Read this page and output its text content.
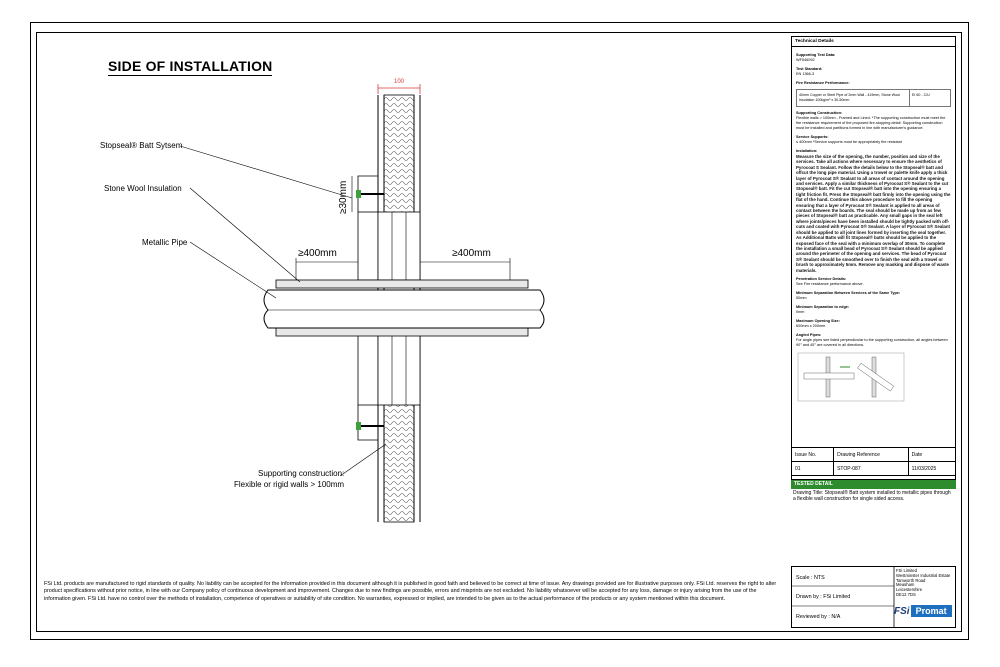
SIDE OF INSTALLATION
Stopseal® Batt Sytsem
Stone Wool Insulation
Metallic Pipe
Supporting construction:
Flexible or rigid walls > 100mm
100
≥30mm
≥400mm	≥400mm
FSi Ltd. products are manufactured to rigid standards of quality. No liability can be accepted for the information provided in this document although it is published in good faith and believed to be correct at time of issue. Any drawings provided are for illustrative purposes only. FSi Ltd. reserves the right to alter product specifications without prior notice, in line with our Company policy of continuous development and improvement. Changes due to new findings are possible, errors and misprints are not excluded. No liability whatsoever will be accepted for any loss, damage or injury arising from the use of the information given. FSi Ltd. have no control over the methods of installation, competence of operatives or suitability of site condition. No warranties, expressed or implied, are intended to be given as to the actual performance of the products or any system mentioned within this document.
Technical Details
Supporting Test Data:
WF546092
Test Standard:
EN 1366-3
Fire Resistance Performance:
40mm Copper or Steel Pipe of 2mm Wall - 419mm, Stone Wool Insulation 100kg/m³ x 30-50mm
EI 60 - C/U
Supporting Construction:
Flexible walls > 100mm - Framed and Lined. *The supporting construction must meet the fire resistance requirement of the proposed fire-stopping detail. Supporting construction must be installed and partitions formed in line with manufacturer's guidance.
Service Supports:
≤ 400mm *Service supports must be appropriately fire resistant
Installation:
Measure the size of the opening, the number, position and size of the services. Take all actions where necessary to ensure the aesthetics of Pyrocoat S Sealant. Follow the details below to the Stopseal® batt and offcut the long pipe material. Using a trowel or palette knife apply a thick layer of Pyrocoat S® Sealant to all areas of contact around the opening and services. Apply a similar thickness of Pyrocoat S® Sealant to the cut Stopseal® batt. Fit the cut Stopseal® batt into the opening ensuring a tight friction fit. Press the Stopseal® batt firmly into the opening using the flat of the hand. Continue this above procedure to fill the opening ensuring that a layer of Pyrocoat S® Sealant is applied to all areas of contact between the boards. The seal should be made up from as few pieces of Stopseal® batt as practicable. Any small gaps in the seal left where joints/pieces have been installed should be tightly packed with off-cuts and coated with Pyrocoat S® Sealant. A layer of Pyrocoat S® Sealant should be applied to all joint lines formed by inserting the seal together. As Additional Batts will fit Stopseal® batts should be applied to the exposed face of the seal with a minimum overlap of 30mm. To complete the installation a small bead of Pyrocoat S® Sealant should be applied around the perimeter of the opening and services. The bead of Pyrocoat S® Sealant should be smoothed over to finish the seal with a trowel or brush to approximately 5mm. Remove any masking and dispose of waste materials.
Penetration Service Details:
See Fire resistance performance above.
Minimum Separation Between Services of the Same Type:
50mm
Minimum Separation to edge:
0mm
Maximum Opening Size:
600mm x 200mm
Angled Pipes:
For angle pipes see listed perpendicular to the supporting construction, all angles between 90° and 45° are covered in all directions.
Issue No.	Drawing Reference	Date
01	STOP-087	11/03/2025
TESTED DETAIL
Drawing Title: Stopseal® Batt system installed to metallic pipes through a flexible wall construction for single sided access.
Scale : NTS
Drawn by : FSi Limited
Reviewed by : N/A
FSi Limited
Westminster Industrial Estate
Tamworth Road
Measham
Leicestershire
DE12 7DS
FSi Promat
